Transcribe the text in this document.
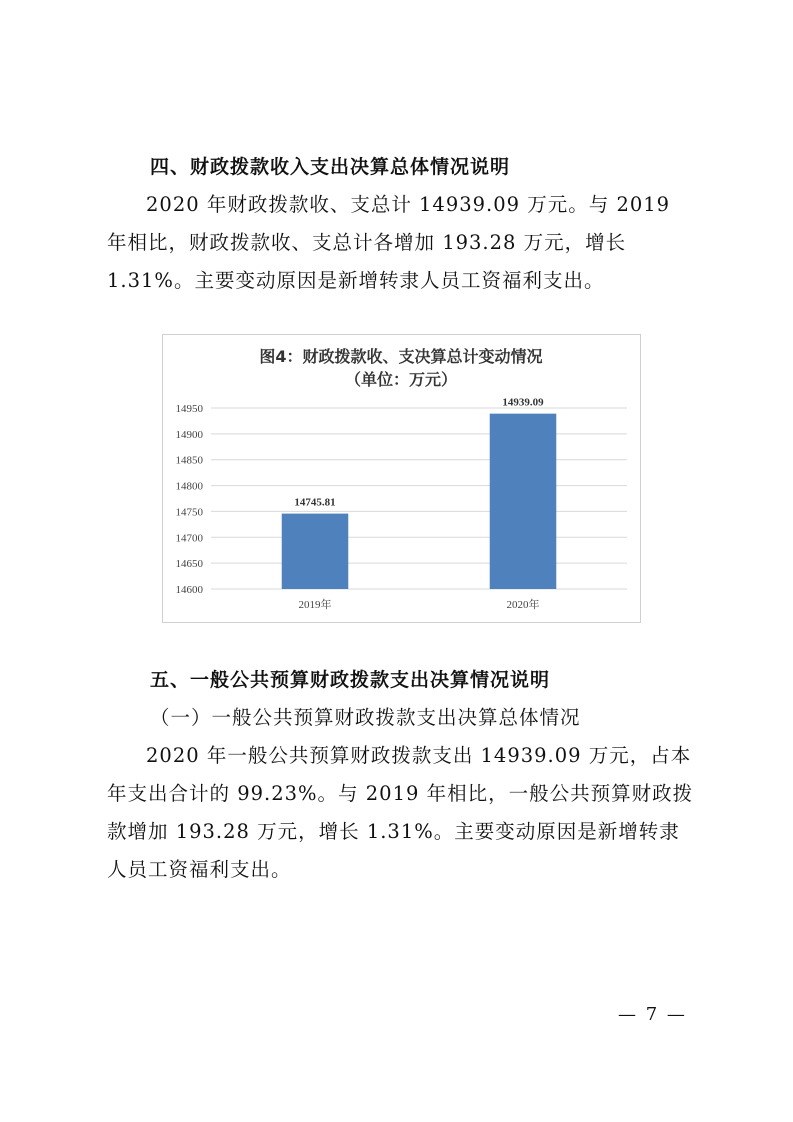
四、财政拨款收入支出决算总体情况说明
2020 年财政拨款收、支总计 14939.09 万元。与 2019 年相比，财政拨款收、支总计各增加 193.28 万元，增长 1.31%。主要变动原因是新增转隶人员工资福利支出。
图4：财政拨款收、支决算总计变动情况
（单位：万元）
14600
14650
14700
14750
14800
14850
14900
14950
14745.81
14939.09
2019年	2020年
五、一般公共预算财政拨款支出决算情况说明
（一）一般公共预算财政拨款支出决算总体情况
2020 年一般公共预算财政拨款支出 14939.09 万元，占本年支出合计的 99.23%。与 2019 年相比，一般公共预算财政拨款增加 193.28 万元，增长 1.31%。主要变动原因是新增转隶人员工资福利支出。
— 7 —
